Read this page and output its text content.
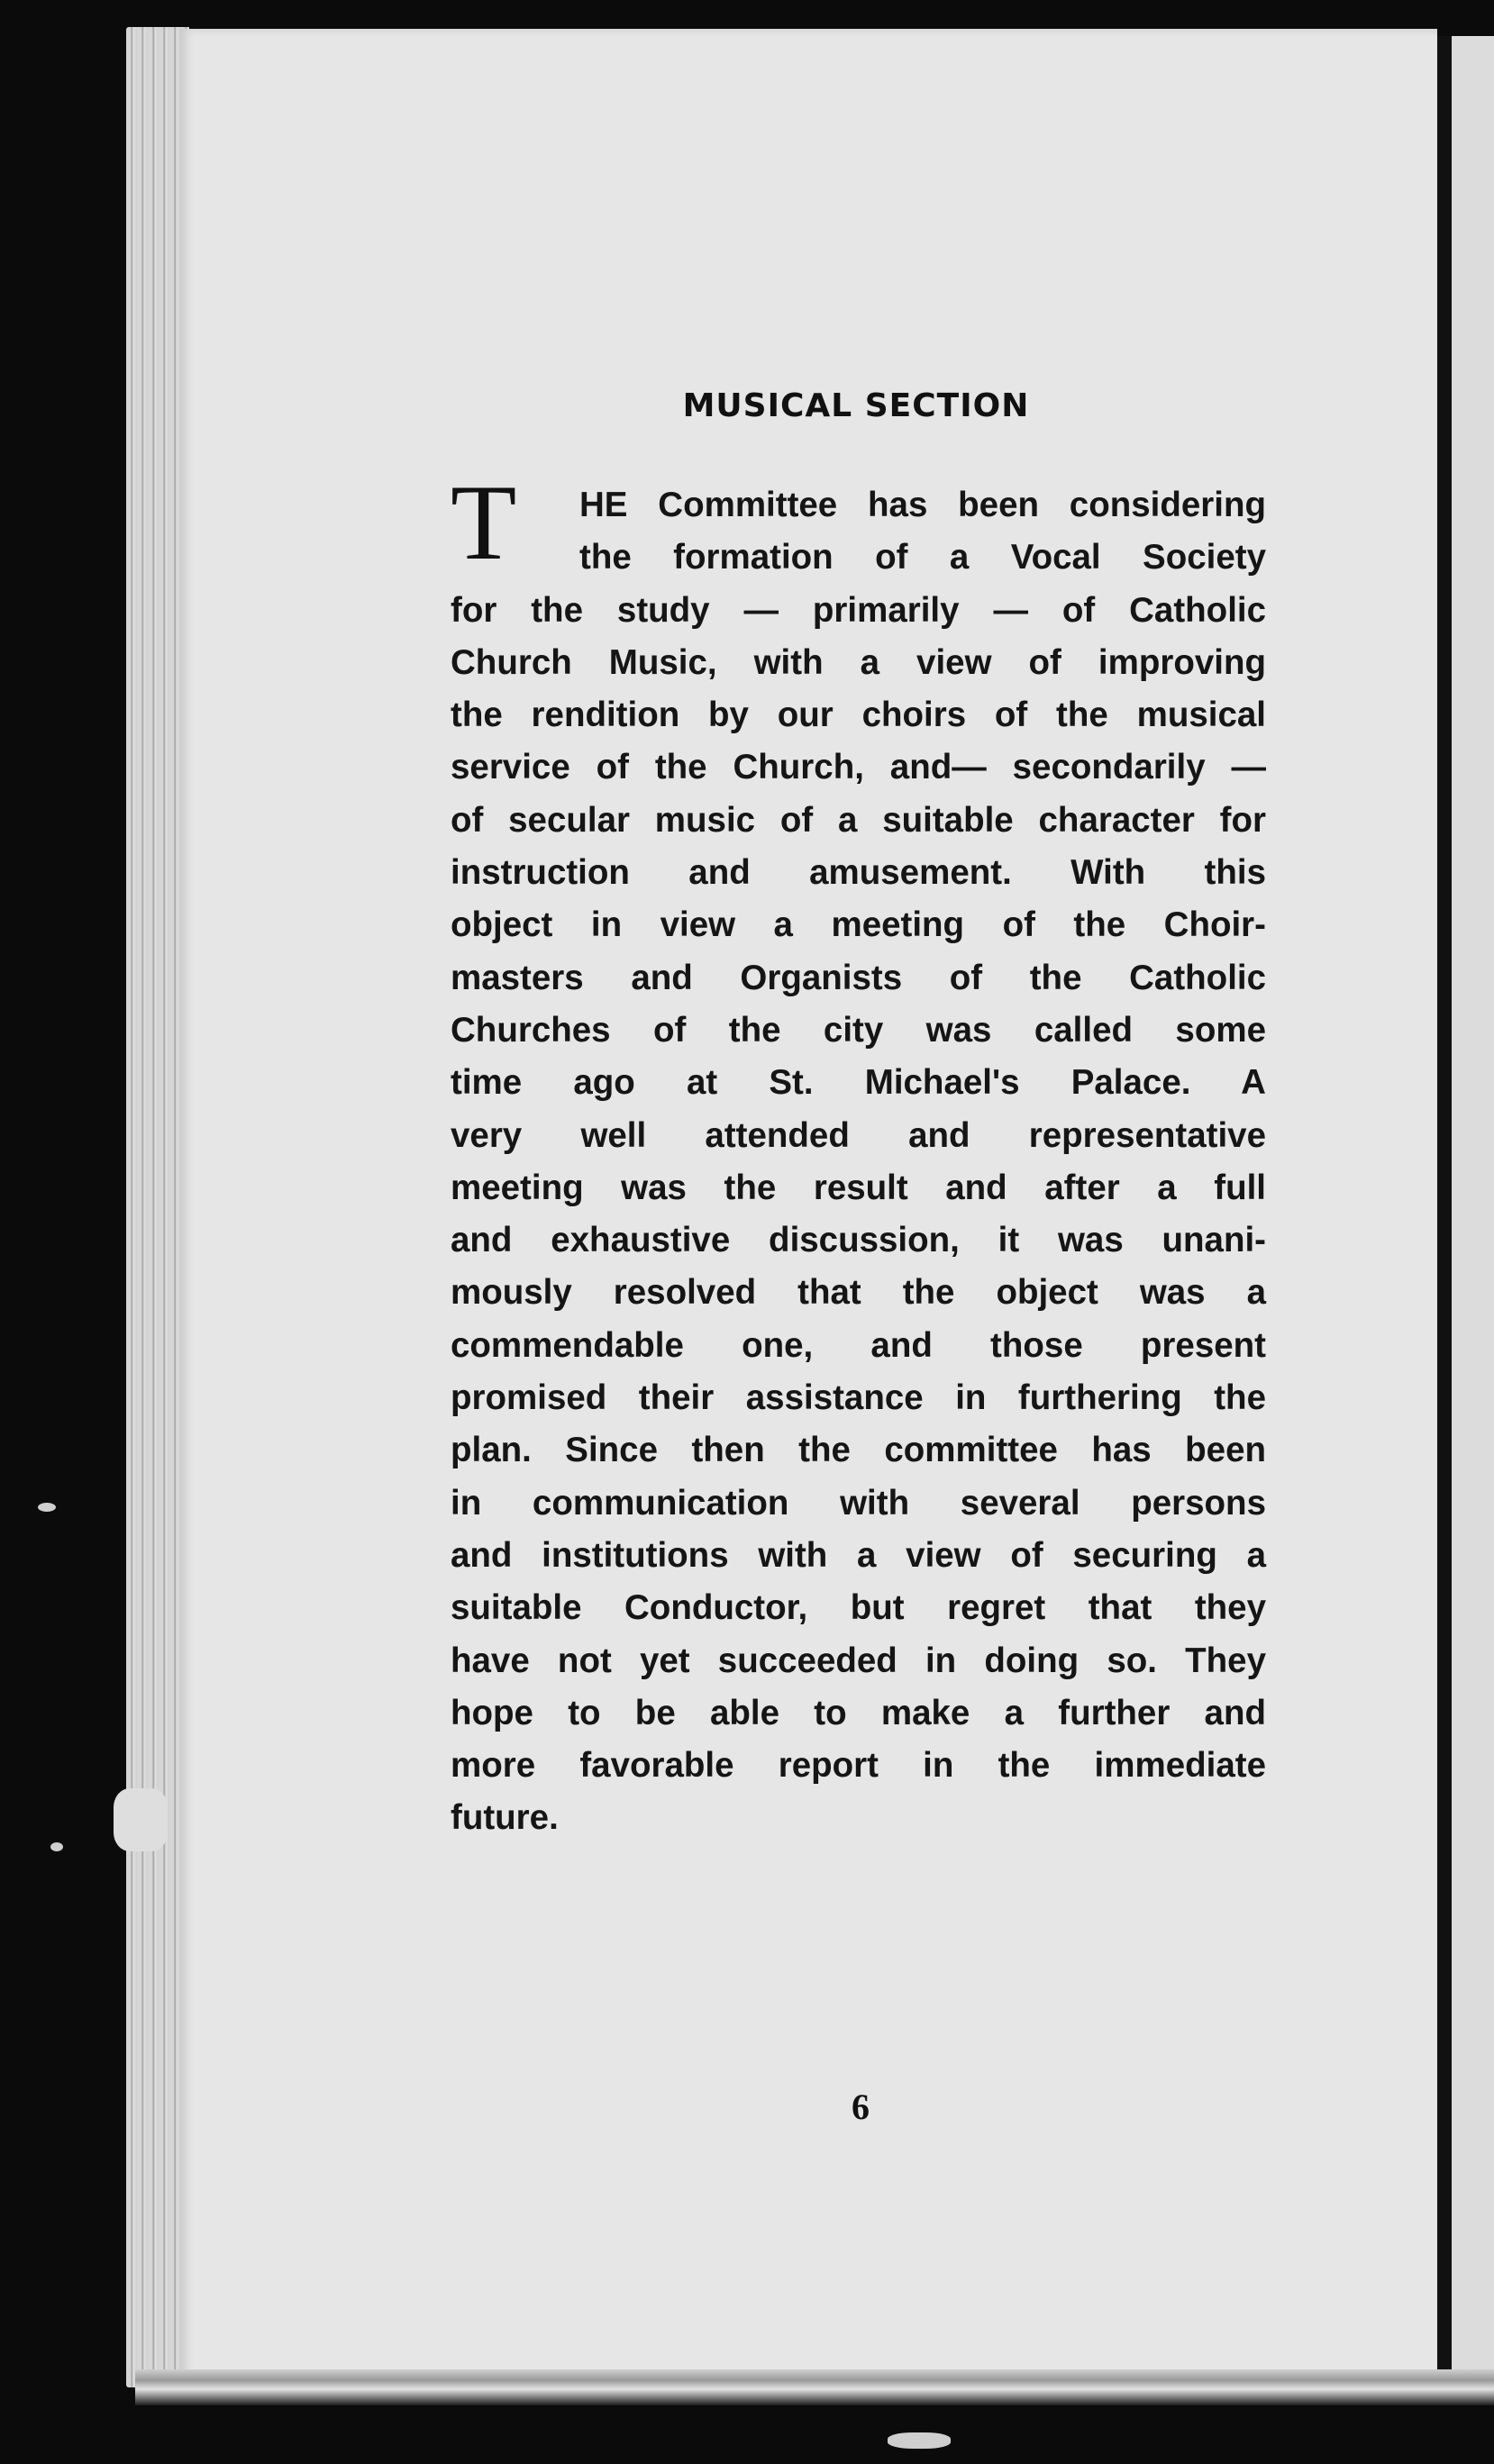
MUSICAL SECTION
T	HE Committee has been considering
the formation of a Vocal Society
for the study — primarily — of Catholic
Church Music, with a view of improving
the rendition by our choirs of the musical
service of the Church, and— secondarily —
of secular music of a suitable character for
instruction and amusement. With this
object in view a meeting of the Choir-
masters and Organists of the Catholic
Churches of the city was called some
time ago at St. Michael's Palace. A
very well attended and representative
meeting was the result and after a full
and exhaustive discussion, it was unani-
mously resolved that the object was a
commendable one, and those present
promised their assistance in furthering the
plan. Since then the committee has been
in communication with several persons
and institutions with a view of securing a
suitable Conductor, but regret that they
have not yet succeeded in doing so. They
hope to be able to make a further and
more favorable report in the immediate
future.
6
